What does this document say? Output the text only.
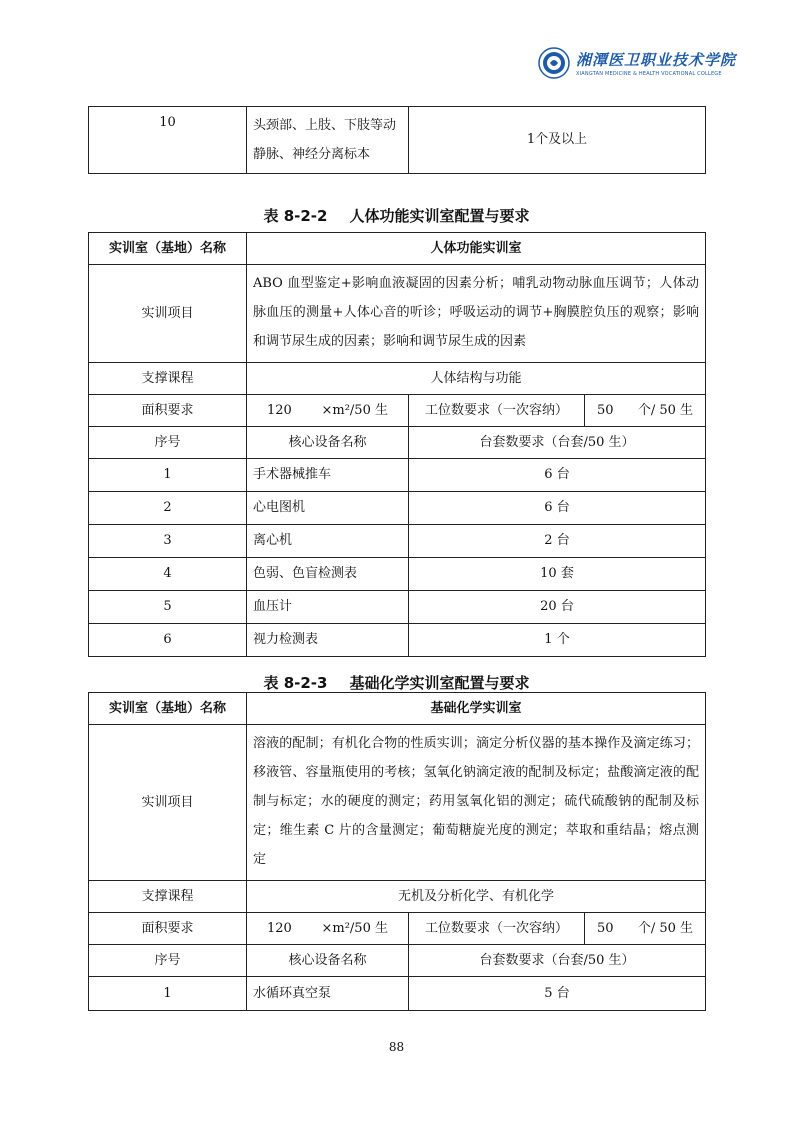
湘潭医卫职业技术学院
XIANGTAN MEDICINE & HEALTH VOCATIONAL COLLEGE
10	头颈部、上肢、下肢等动静脉、神经分离标本	1个及以上
表 8-2-2 人体功能实训室配置与要求
实训室（基地）名称	人体功能实训室		
实训项目	ABO 血型鉴定+影响血液凝固的因素分析；哺乳动物动脉血压调节；人体动脉血压的测量+人体心音的听诊；呼吸运动的调节+胸膜腔负压的观察；影响和调节尿生成的因素；影响和调节尿生成的因素		
支撑课程	人体结构与功能		
面积要求	120 ×m²/50 生	工位数要求（一次容纳）	50 个/ 50 生

序号	核心设备名称	台套数要求（台套/50 生）	
1	手术器械推车	6 台	
2	心电图机	6 台	
3	离心机	2 台	
4	色弱、色盲检测表	10 套	
5	血压计	20 台	
6	视力检测表	1 个	
表 8-2-3 基础化学实训室配置与要求
实训室（基地）名称	基础化学实训室		
实训项目	溶液的配制；有机化合物的性质实训；滴定分析仪器的基本操作及滴定练习；移液管、容量瓶使用的考核；氢氧化钠滴定液的配制及标定；盐酸滴定液的配制与标定；水的硬度的测定；药用氢氧化铝的测定；硫代硫酸钠的配制及标定；维生素 C 片的含量测定；葡萄糖旋光度的测定；萃取和重结晶；熔点测定		
支撑课程	无机及分析化学、有机化学		
面积要求	120 ×m²/50 生	工位数要求（一次容纳）	50 个/ 50 生

序号	核心设备名称	台套数要求（台套/50 生）	
1	水循环真空泵	5 台	
88
